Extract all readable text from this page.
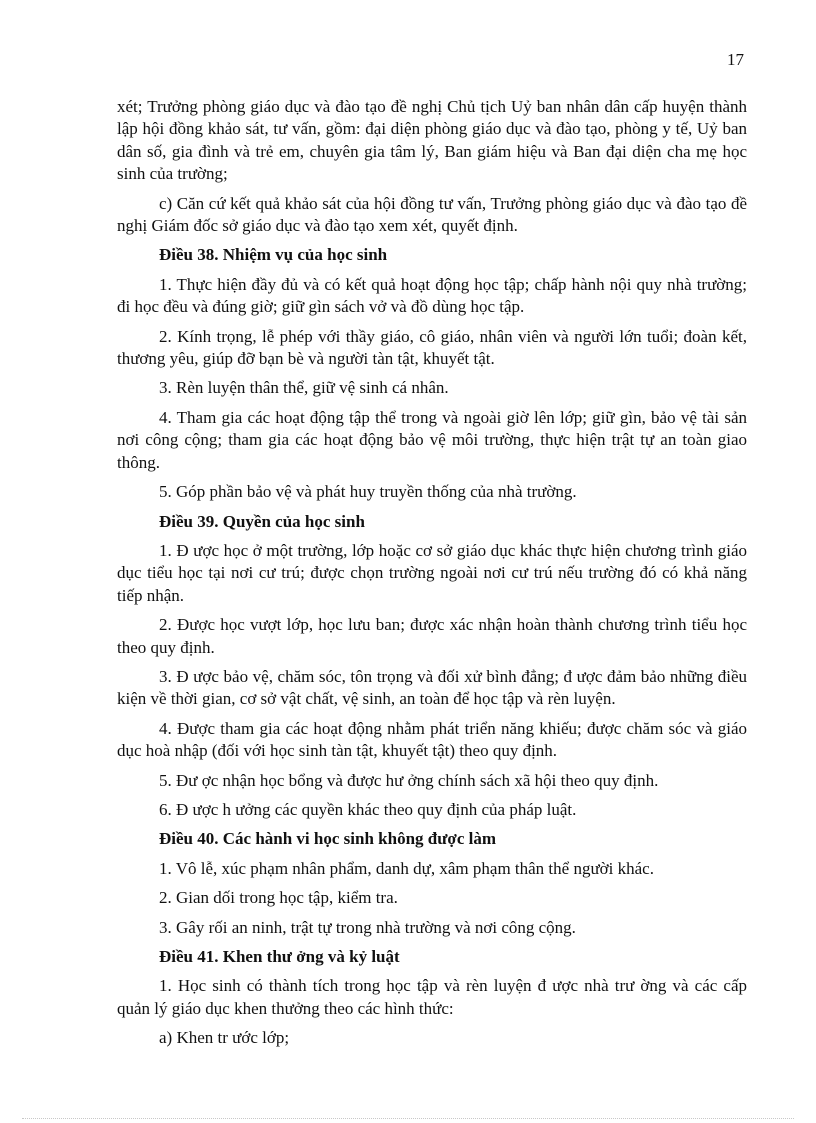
17

xét; Trưởng phòng giáo dục và đào tạo đề nghị Chủ tịch Uỷ ban nhân dân cấp huyện thành lập hội đồng khảo sát, tư vấn, gồm: đại diện phòng giáo dục và đào tạo, phòng y tế, Uỷ ban dân số, gia đình và trẻ em, chuyên gia tâm lý, Ban giám hiệu và Ban đại diện cha mẹ học sinh của trường;

c) Căn cứ kết quả khảo sát của hội đồng tư vấn, Trưởng phòng giáo dục và đào tạo đề nghị Giám đốc sở giáo dục và đào tạo xem xét, quyết định.

Điều 38. Nhiệm vụ của học sinh

1. Thực hiện đầy đủ và có kết quả hoạt động học tập; chấp hành nội quy nhà trường; đi học đều và đúng giờ; giữ gìn sách vở và đồ dùng học tập.

2. Kính trọng, lễ phép với thầy giáo, cô giáo, nhân viên và người lớn tuổi; đoàn kết, thương yêu, giúp đỡ bạn bè và người tàn tật, khuyết tật.

3. Rèn luyện thân thể, giữ vệ sinh cá nhân.

4. Tham gia các hoạt động tập thể trong và ngoài giờ lên lớp; giữ gìn, bảo vệ tài sản nơi công cộng; tham gia các hoạt động bảo vệ môi trường, thực hiện trật tự an toàn giao thông.

5. Góp phần bảo vệ và phát huy truyền thống của nhà trường.

Điều 39. Quyền của học sinh

1. Đ ược học ở một trường, lớp hoặc cơ sở giáo dục khác thực hiện chương trình giáo dục tiểu học tại nơi cư trú; được chọn trường ngoài nơi cư trú nếu trường đó có khả năng tiếp nhận.

2. Được học vượt lớp, học lưu ban; được xác nhận hoàn thành chương trình tiểu học theo quy định.

3. Đ ược bảo vệ, chăm sóc, tôn trọng và đối xử bình đẳng; đ ược đảm bảo những điều kiện về thời gian, cơ sở vật chất, vệ sinh, an toàn để học tập và rèn luyện.

4. Được tham gia các hoạt động nhằm phát triển năng khiếu; được chăm sóc và giáo dục hoà nhập (đối với học sinh tàn tật, khuyết tật) theo quy định.

5. Đư ợc nhận học bổng và được hư ởng chính sách xã hội theo quy định.

6. Đ ược h ưởng các quyền khác theo quy định của pháp luật.

Điều 40. Các hành vi học sinh không được làm

1. Vô lễ, xúc phạm nhân phẩm, danh dự, xâm phạm thân thể người khác.

2. Gian dối trong học tập, kiểm tra.

3. Gây rối an ninh, trật tự trong nhà trường và nơi công cộng.

Điều 41. Khen thư ởng và kỷ luật

1. Học sinh có thành tích trong học tập và rèn luyện đ ược nhà trư ờng và các cấp quản lý giáo dục khen thưởng theo các hình thức:

a) Khen tr ước lớp;
